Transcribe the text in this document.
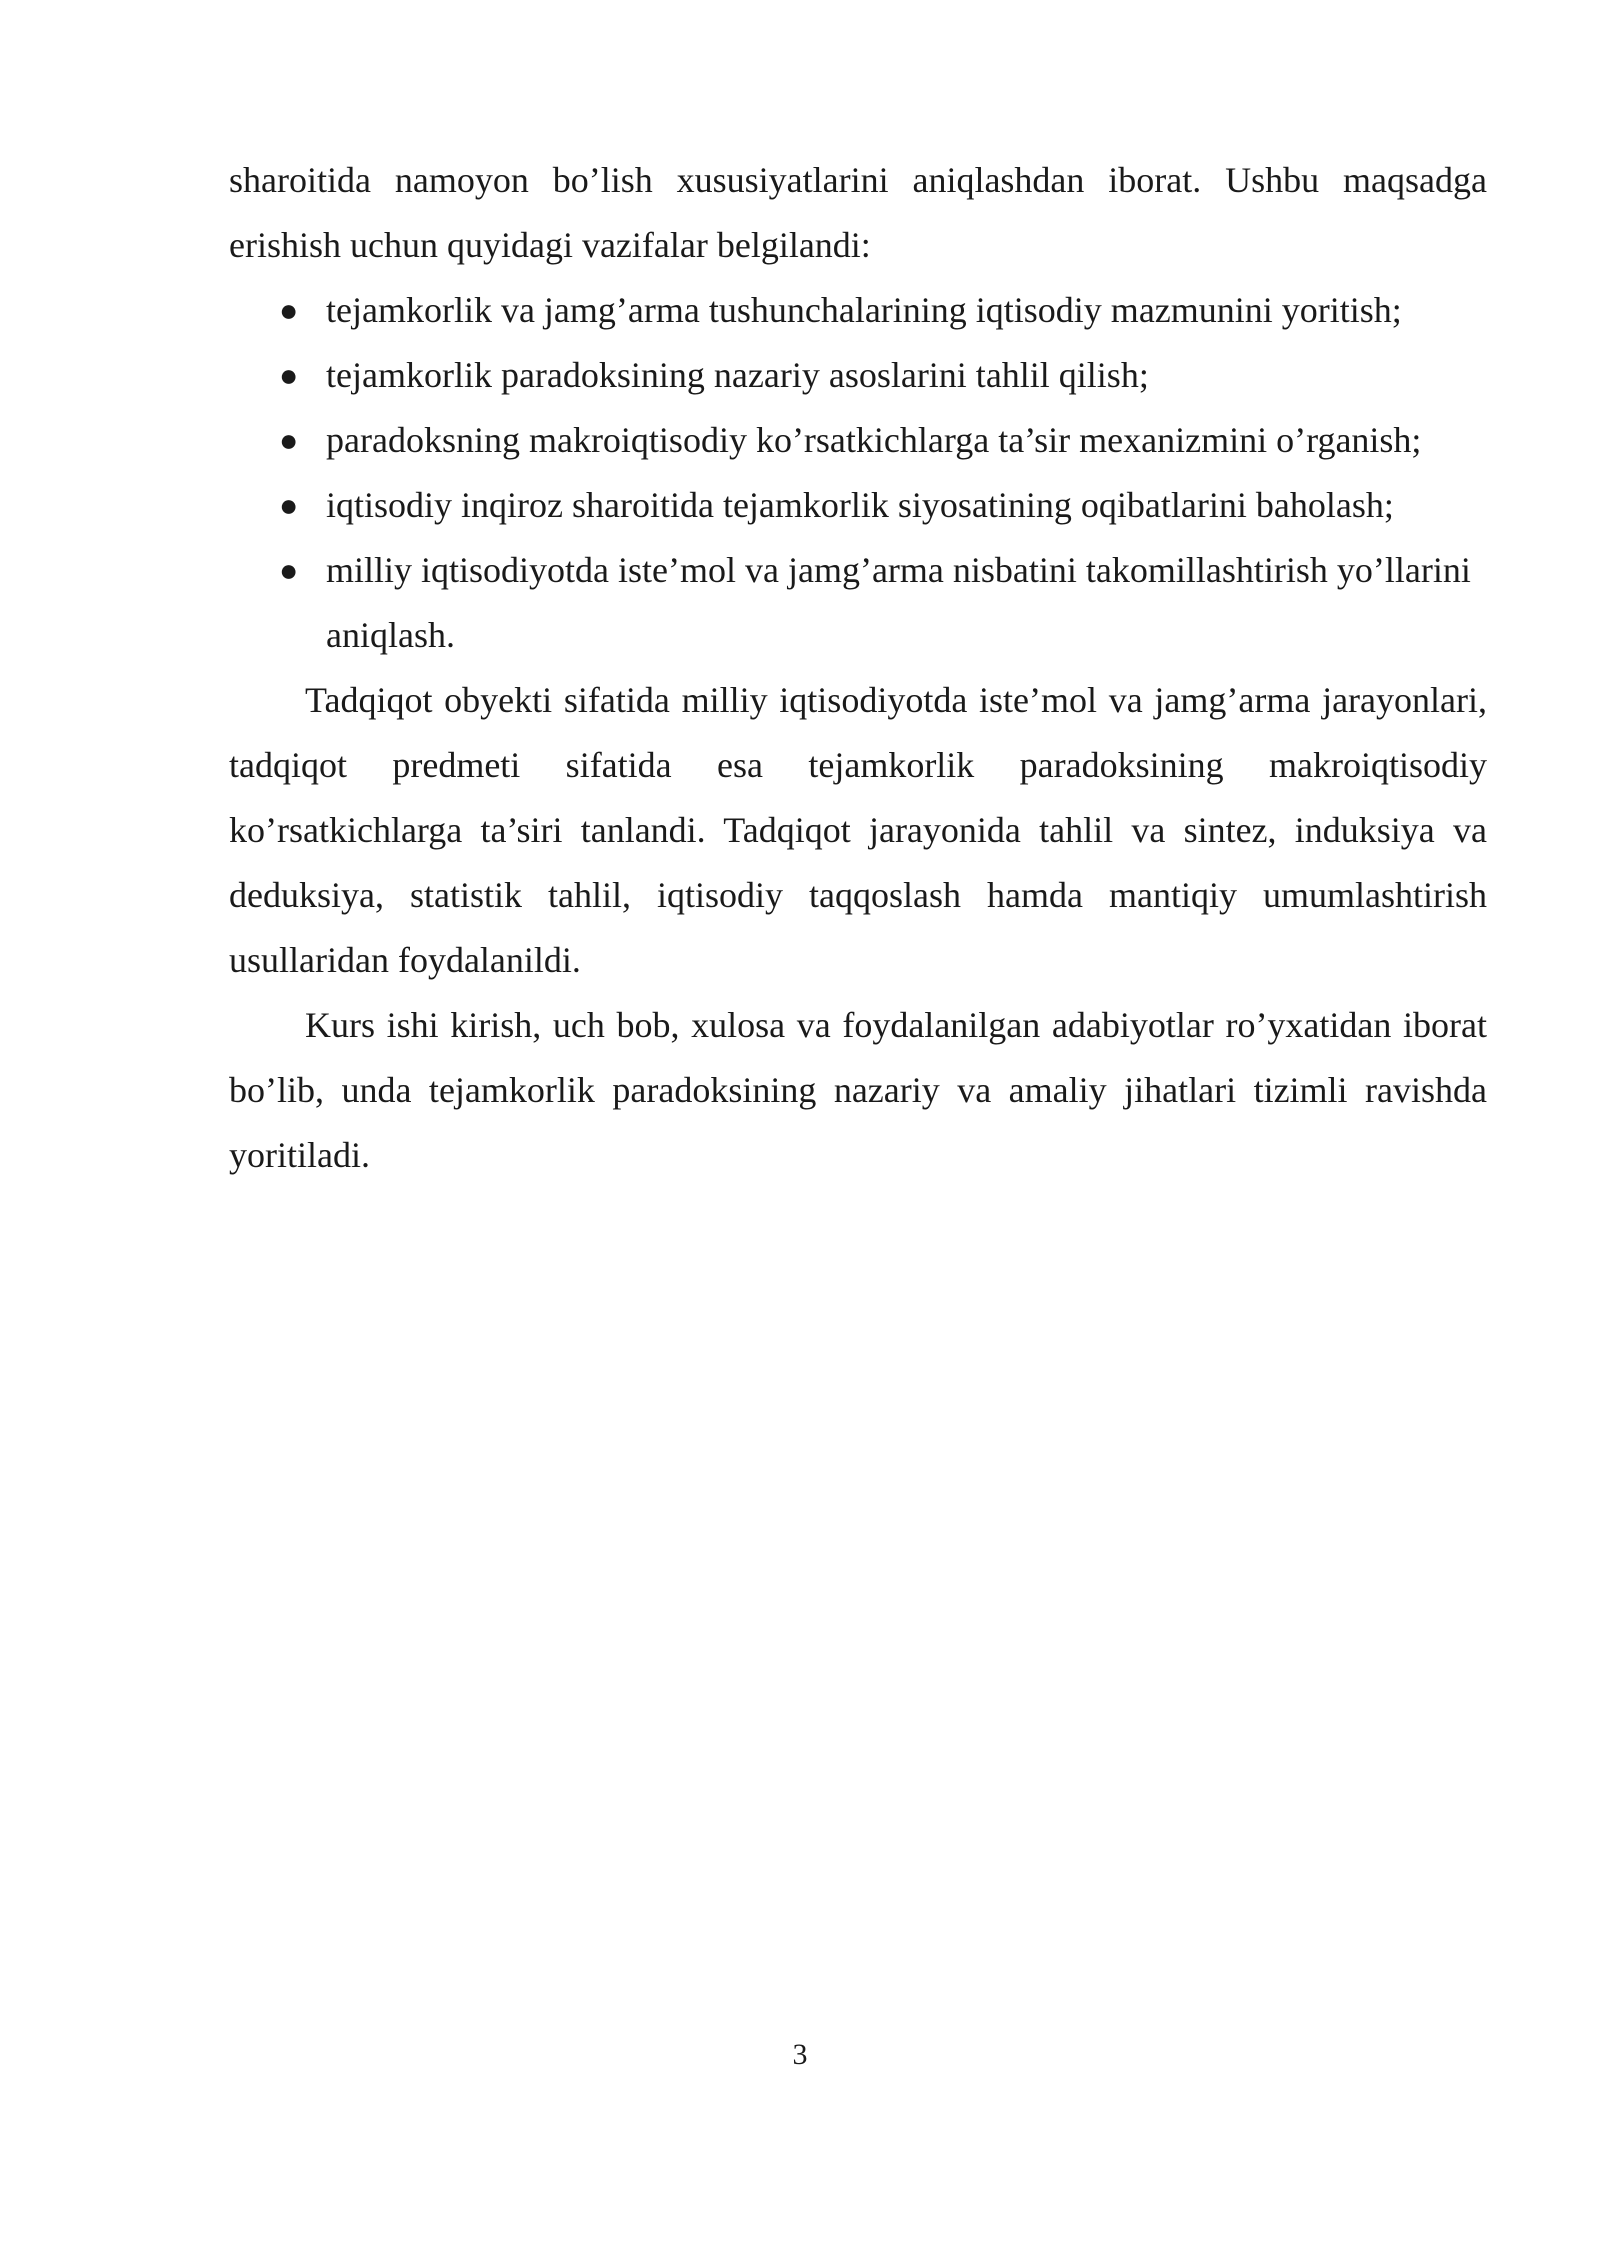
sharoitida namoyon bo’lish xususiyatlarini aniqlashdan iborat. Ushbu maqsadga erishish uchun quyidagi vazifalar belgilandi:

● tejamkorlik va jamg’arma tushunchalarining iqtisodiy mazmunini yoritish;
● tejamkorlik paradoksining nazariy asoslarini tahlil qilish;
● paradoksning makroiqtisodiy ko’rsatkichlarga ta’sir mexanizmini o’rganish;
● iqtisodiy inqiroz sharoitida tejamkorlik siyosatining oqibatlarini baholash;
● milliy iqtisodiyotda iste’mol va jamg’arma nisbatini takomillashtirish yo’llarini aniqlash.

Tadqiqot obyekti sifatida milliy iqtisodiyotda iste’mol va jamg’arma jarayonlari, tadqiqot predmeti sifatida esa tejamkorlik paradoksining makroiqtisodiy ko’rsatkichlarga ta’siri tanlandi. Tadqiqot jarayonida tahlil va sintez, induksiya va deduksiya, statistik tahlil, iqtisodiy taqqoslash hamda mantiqiy umumlashtirish usullaridan foydalanildi.

Kurs ishi kirish, uch bob, xulosa va foydalanilgan adabiyotlar ro’yxatidan iborat bo’lib, unda tejamkorlik paradoksining nazariy va amaliy jihatlari tizimli ravishda yoritiladi.

3
